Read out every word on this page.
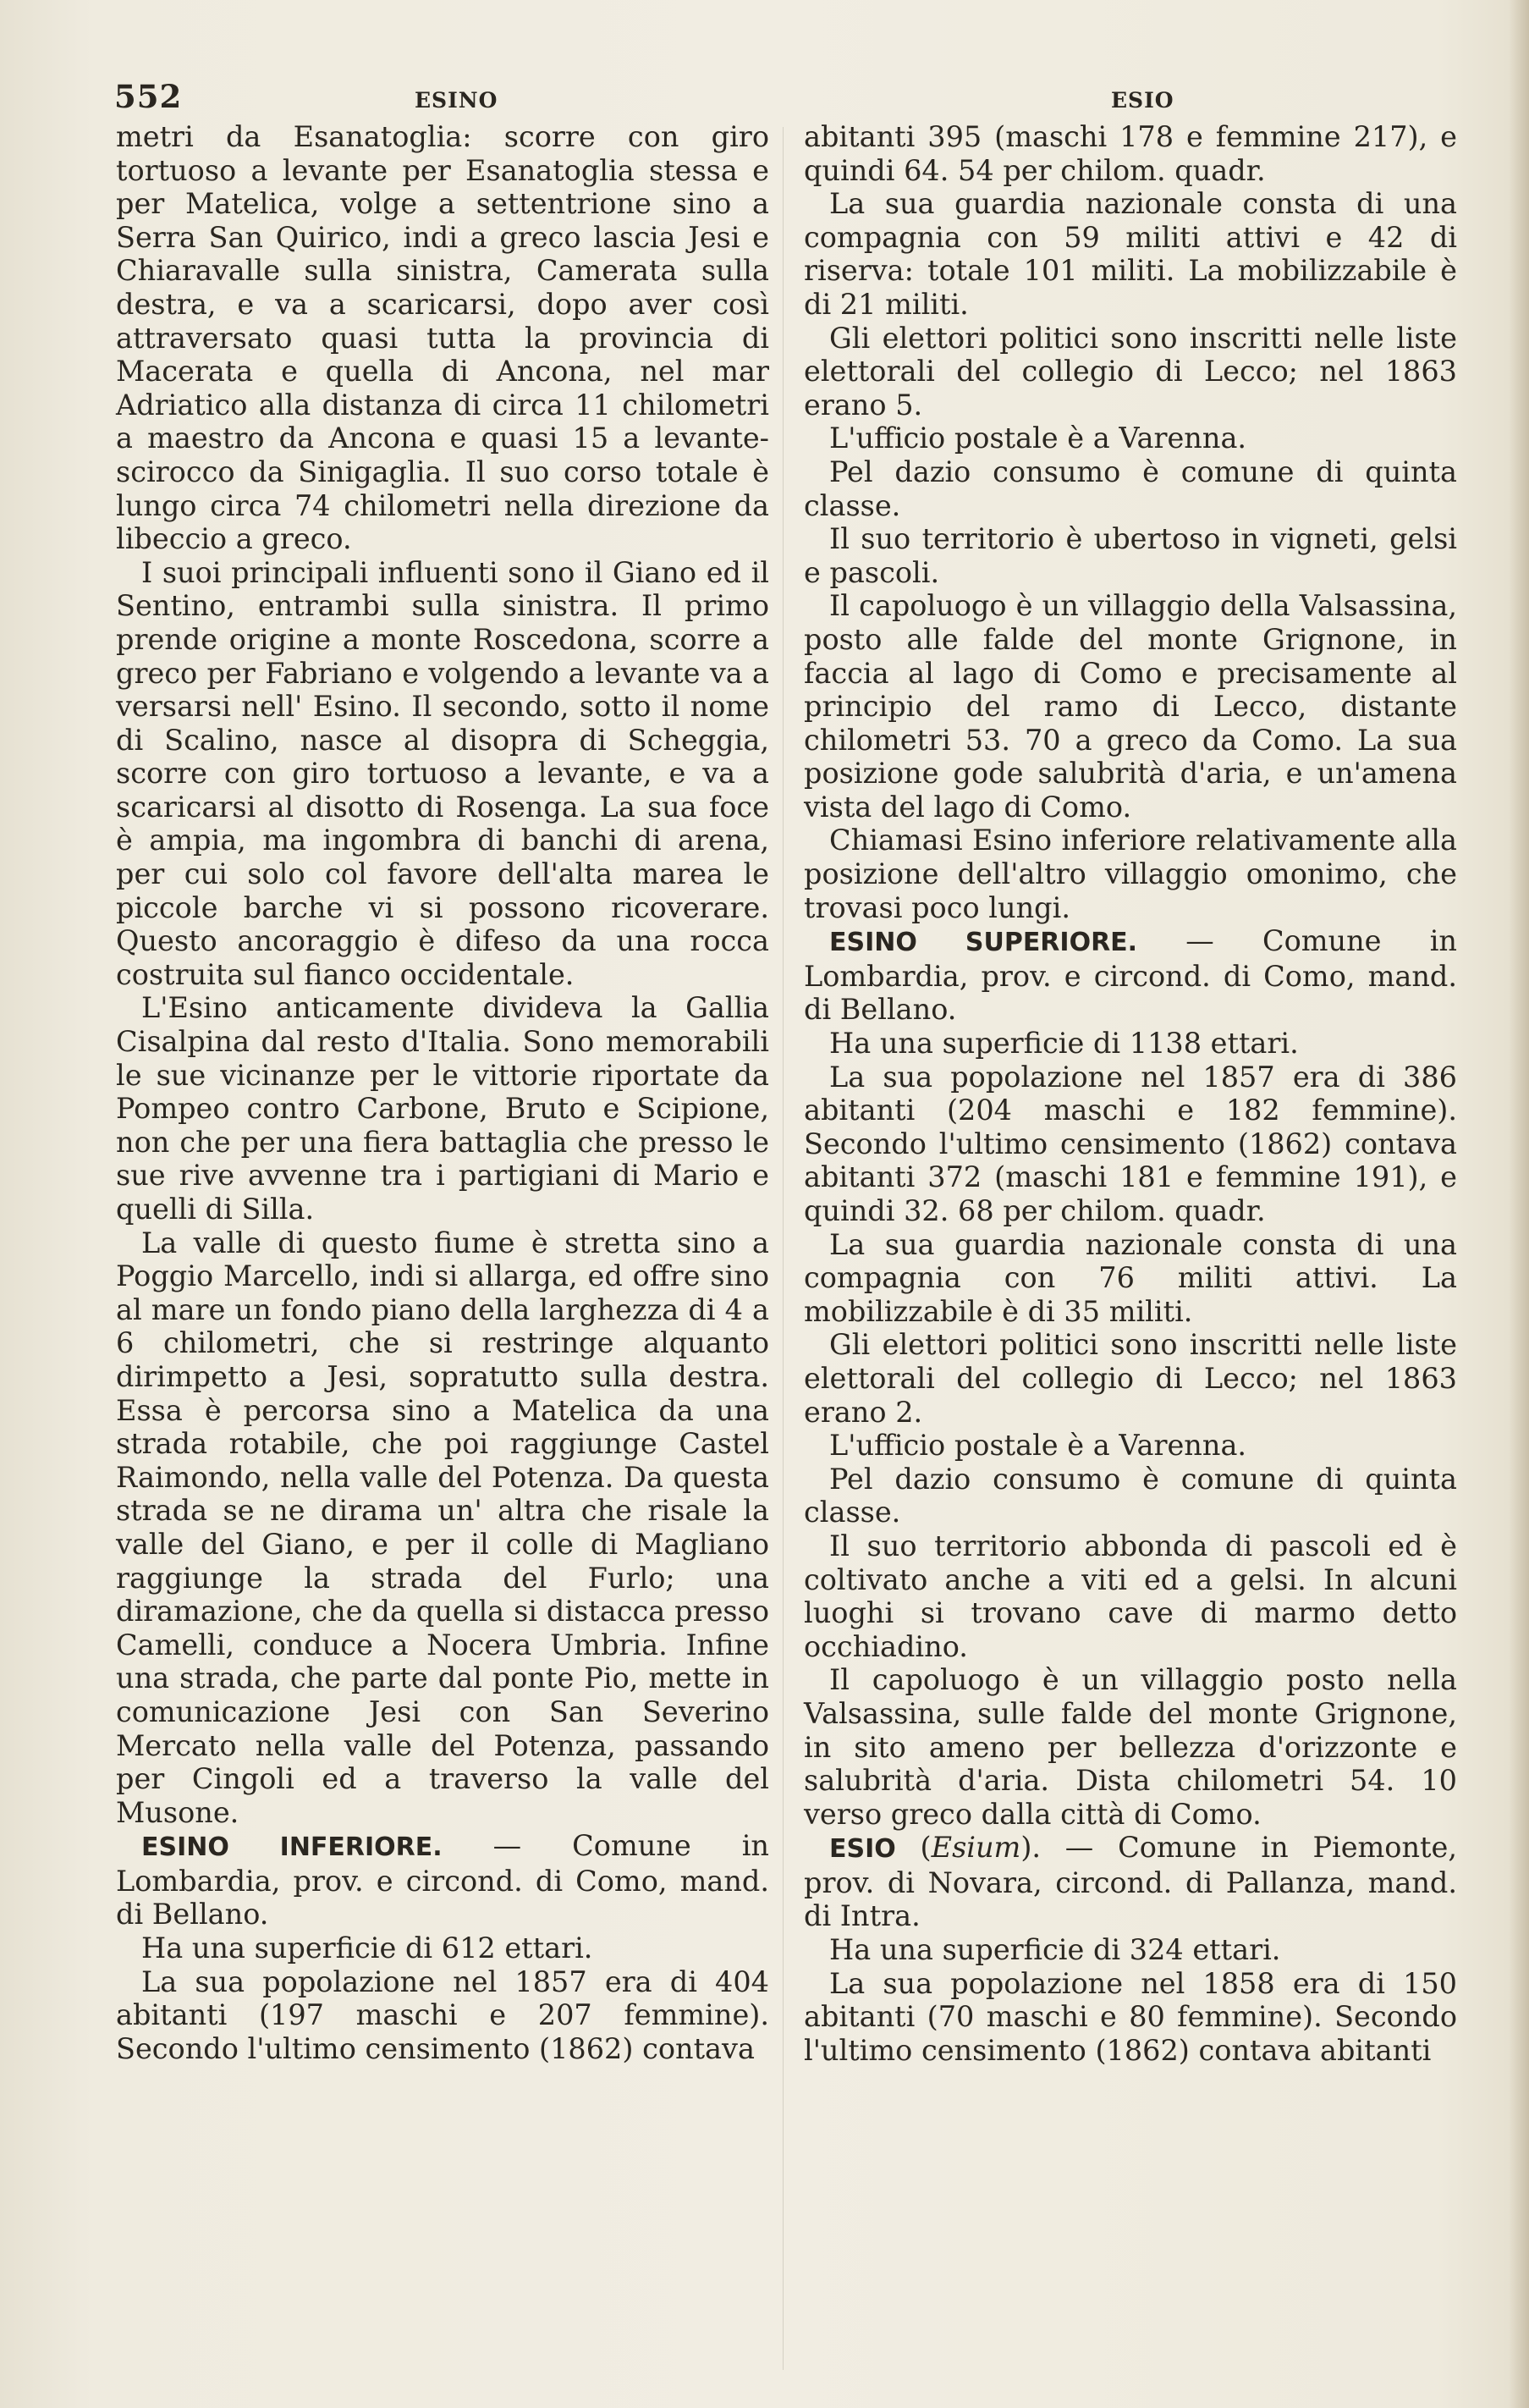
552	ESINO	ESIO

metri da Esanatoglia: scorre con giro tortuoso a levante per Esanatoglia stessa e per Matelica, volge a settentrione sino a Serra San Quirico, indi a greco lascia Jesi e Chiaravalle sulla sinistra, Camerata sulla destra, e va a scaricarsi, dopo aver così attraversato quasi tutta la provincia di Macerata e quella di Ancona, nel mar Adriatico alla distanza di circa 11 chilometri a maestro da Ancona e quasi 15 a levante-scirocco da Sinigaglia. Il suo corso totale è lungo circa 74 chilometri nella direzione da libeccio a greco.

I suoi principali influenti sono il Giano ed il Sentino, entrambi sulla sinistra. Il primo prende origine a monte Roscedona, scorre a greco per Fabriano e volgendo a levante va a versarsi nell' Esino. Il secondo, sotto il nome di Scalino, nasce al disopra di Scheggia, scorre con giro tortuoso a levante, e va a scaricarsi al disotto di Rosenga. La sua foce è ampia, ma ingombra di banchi di arena, per cui solo col favore dell'alta marea le piccole barche vi si possono ricoverare. Questo ancoraggio è difeso da una rocca costruita sul fianco occidentale.

L'Esino anticamente divideva la Gallia Cisalpina dal resto d'Italia. Sono memorabili le sue vicinanze per le vittorie riportate da Pompeo contro Carbone, Bruto e Scipione, non che per una fiera battaglia che presso le sue rive avvenne tra i partigiani di Mario e quelli di Silla.

La valle di questo fiume è stretta sino a Poggio Marcello, indi si allarga, ed offre sino al mare un fondo piano della larghezza di 4 a 6 chilometri, che si restringe alquanto dirimpetto a Jesi, sopratutto sulla destra. Essa è percorsa sino a Matelica da una strada rotabile, che poi raggiunge Castel Raimondo, nella valle del Potenza. Da questa strada se ne dirama un' altra che risale la valle del Giano, e per il colle di Magliano raggiunge la strada del Furlo; una diramazione, che da quella si distacca presso Camelli, conduce a Nocera Umbria. Infine una strada, che parte dal ponte Pio, mette in comunicazione Jesi con San Severino Mercato nella valle del Potenza, passando per Cingoli ed a traverso la valle del Musone.

ESINO INFERIORE. — Comune in Lombardia, prov. e circond. di Como, mand. di Bellano.

Ha una superficie di 612 ettari.

La sua popolazione nel 1857 era di 404 abitanti (197 maschi e 207 femmine). Secondo l'ultimo censimento (1862) contava

abitanti 395 (maschi 178 e femmine 217), e quindi 64. 54 per chilom. quadr.

La sua guardia nazionale consta di una compagnia con 59 militi attivi e 42 di riserva: totale 101 militi. La mobilizzabile è di 21 militi.

Gli elettori politici sono inscritti nelle liste elettorali del collegio di Lecco; nel 1863 erano 5.

L'ufficio postale è a Varenna.

Pel dazio consumo è comune di quinta classe.

Il suo territorio è ubertoso in vigneti, gelsi e pascoli.

Il capoluogo è un villaggio della Valsassina, posto alle falde del monte Grignone, in faccia al lago di Como e precisamente al principio del ramo di Lecco, distante chilometri 53. 70 a greco da Como. La sua posizione gode salubrità d'aria, e un'amena vista del lago di Como.

Chiamasi Esino inferiore relativamente alla posizione dell'altro villaggio omonimo, che trovasi poco lungi.

ESINO SUPERIORE. — Comune in Lombardia, prov. e circond. di Como, mand. di Bellano.

Ha una superficie di 1138 ettari.

La sua popolazione nel 1857 era di 386 abitanti (204 maschi e 182 femmine). Secondo l'ultimo censimento (1862) contava abitanti 372 (maschi 181 e femmine 191), e quindi 32. 68 per chilom. quadr.

La sua guardia nazionale consta di una compagnia con 76 militi attivi. La mobilizzabile è di 35 militi.

Gli elettori politici sono inscritti nelle liste elettorali del collegio di Lecco; nel 1863 erano 2.

L'ufficio postale è a Varenna.

Pel dazio consumo è comune di quinta classe.

Il suo territorio abbonda di pascoli ed è coltivato anche a viti ed a gelsi. In alcuni luoghi si trovano cave di marmo detto occhiadino.

Il capoluogo è un villaggio posto nella Valsassina, sulle falde del monte Grignone, in sito ameno per bellezza d'orizzonte e salubrità d'aria. Dista chilometri 54. 10 verso greco dalla città di Como.

ESIO (Esium). — Comune in Piemonte, prov. di Novara, circond. di Pallanza, mand. di Intra.

Ha una superficie di 324 ettari.

La sua popolazione nel 1858 era di 150 abitanti (70 maschi e 80 femmine). Secondo l'ultimo censimento (1862) contava abitanti
